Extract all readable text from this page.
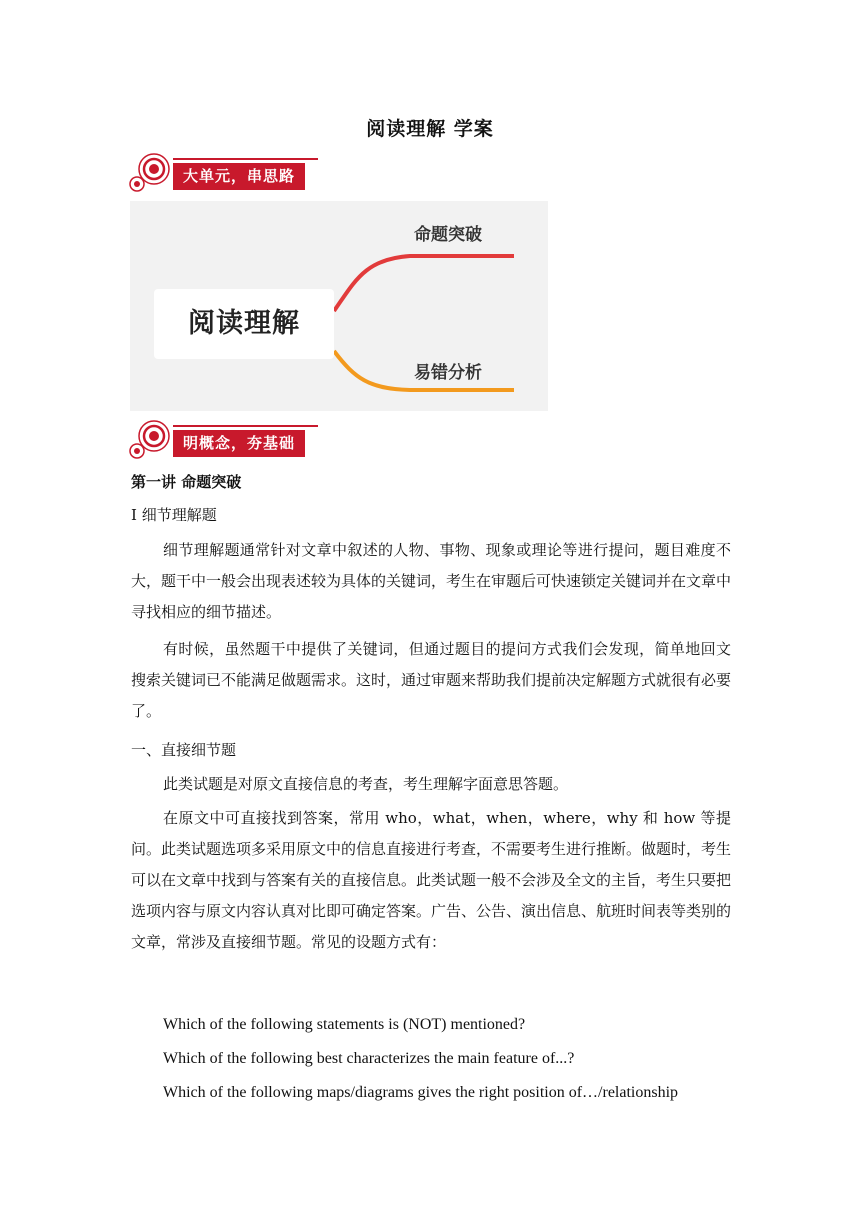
阅读理解 学案
大单元，串思路
阅读理解
命题突破
易错分析
明概念，夯基础
第一讲 命题突破
I 细节理解题
细节理解题通常针对文章中叙述的人物、事物、现象或理论等进行提问，题目难度不大，题干中一般会出现表述较为具体的关键词，考生在审题后可快速锁定关键词并在文章中寻找相应的细节描述。
有时候，虽然题干中提供了关键词，但通过题目的提问方式我们会发现，简单地回文搜索关键词已不能满足做题需求。这时，通过审题来帮助我们提前决定解题方式就很有必要了。
一、直接细节题
此类试题是对原文直接信息的考查，考生理解字面意思答题。
在原文中可直接找到答案，常用 who，what，when，where，why 和 how 等提问。此类试题选项多采用原文中的信息直接进行考查，不需要考生进行推断。做题时，考生可以在文章中找到与答案有关的直接信息。此类试题一般不会涉及全文的主旨，考生只要把选项内容与原文内容认真对比即可确定答案。广告、公告、演出信息、航班时间表等类别的文章，常涉及直接细节题。常见的设题方式有：
Which of the following statements is (NOT) mentioned?
Which of the following best characterizes the main feature of...?
Which of the following maps/diagrams gives the right position of…/relationship
